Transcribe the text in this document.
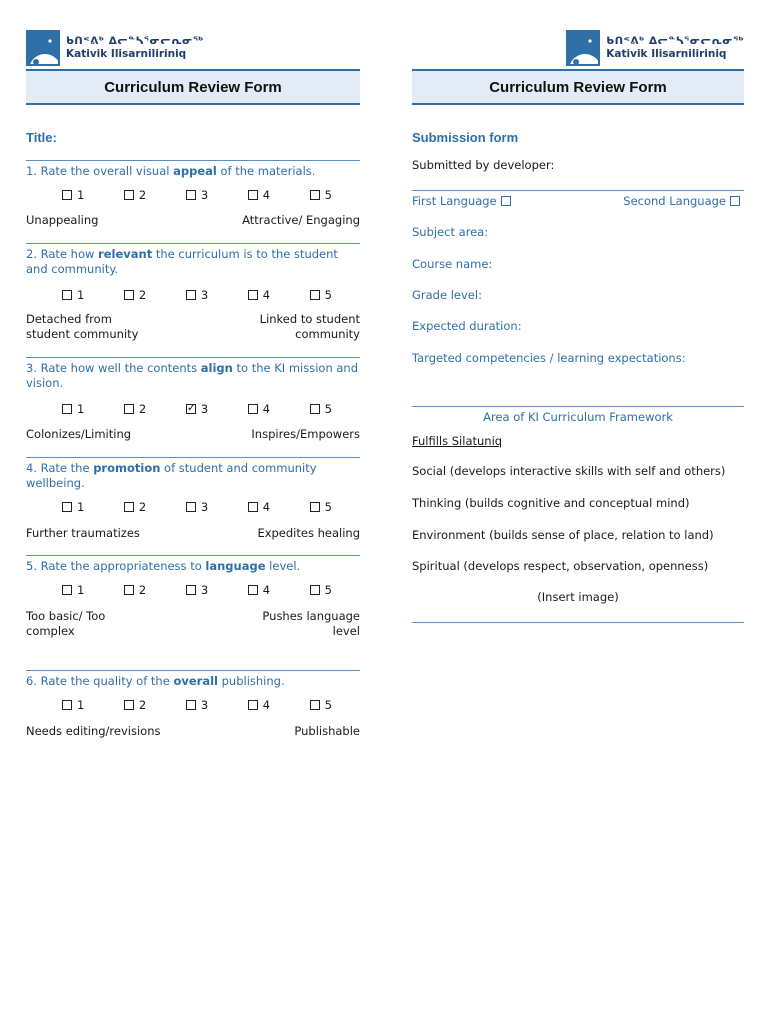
ᑲᑎᕝᕕᒃ ᐃᓕᓐᓴᕐᓂᓕᕆᓂᖅ
Kativik Ilisarniliriniq
Curriculum Review Form
Title:
1. Rate the overall visual appeal of the materials.
1	2	3	4	5
Unappealing	Attractive/ Engaging
2. Rate how relevant the curriculum is to the student and community.
1	2	3	4	5
Detached from student community
Linked to student community
3. Rate how well the contents align to the KI mission and vision.
1	2
✓	3	4	5
Colonizes/Limiting	Inspires/Empowers
4. Rate the promotion of student and community wellbeing.
1	2	3	4	5
Further traumatizes	Expedites healing
5. Rate the appropriateness to language level.
1	2	3	4	5
Too basic/ Too complex
Pushes language level
6. Rate the quality of the overall publishing.
1	2	3	4	5
Needs editing/revisions	Publishable
ᑲᑎᕝᕕᒃ ᐃᓕᓐᓴᕐᓂᓕᕆᓂᖅ
Kativik Ilisarniliriniq
Curriculum Review Form
Submission form
Submitted by developer:
First Language	Second Language
Subject area:
Course name:
Grade level:
Expected duration:
Targeted competencies / learning expectations:
Area of KI Curriculum Framework
Fulfills Silatuniq
Social (develops interactive skills with self and others)
Thinking (builds cognitive and conceptual mind)
Environment (builds sense of place, relation to land)
Spiritual (develops respect, observation, openness)
(Insert image)
